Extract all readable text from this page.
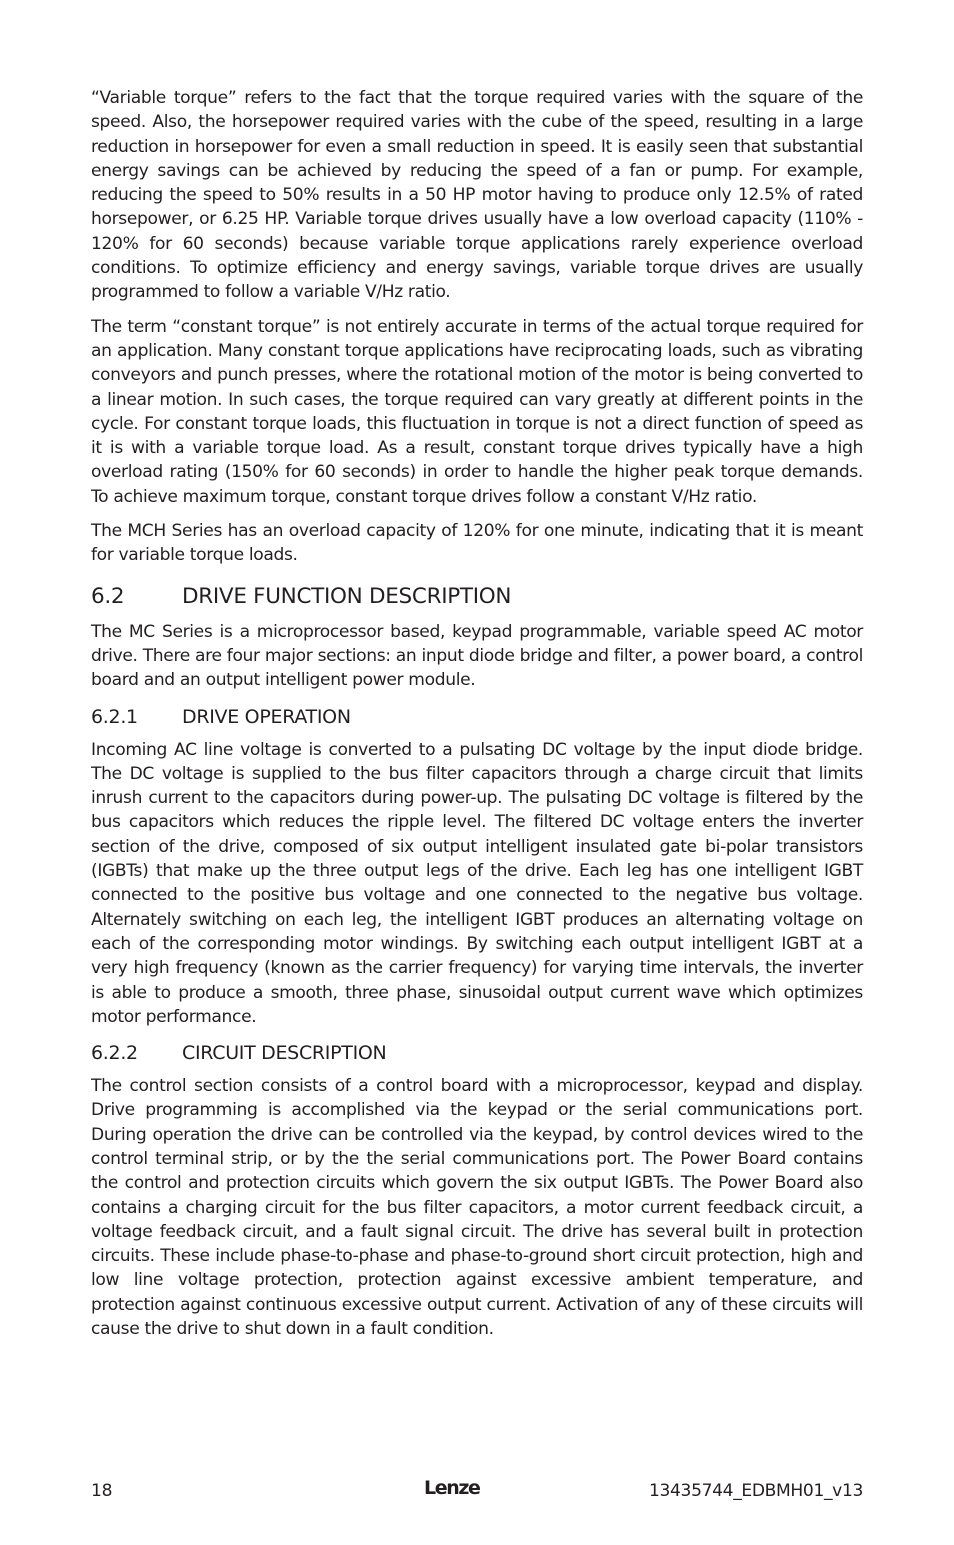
“Variable torque” refers to the fact that the torque required varies with the square of the speed. Also, the horsepower required varies with the cube of the speed, resulting in a large reduction in horsepower for even a small reduction in speed. It is easily seen that substantial energy savings can be achieved by reducing the speed of a fan or pump. For example, reducing the speed to 50% results in a 50 HP motor having to produce only 12.5% of rated horsepower, or 6.25 HP. Variable torque drives usually have a low overload capacity (110% - 120% for 60 seconds) because variable torque applications rarely experience overload conditions. To optimize efficiency and energy savings, variable torque drives are usually programmed to follow a variable V/Hz ratio.

The term “constant torque” is not entirely accurate in terms of the actual torque required for an application. Many constant torque applications have reciprocating loads, such as vibrating conveyors and punch presses, where the rotational motion of the motor is being converted to a linear motion. In such cases, the torque required can vary greatly at different points in the cycle. For constant torque loads, this fluctuation in torque is not a direct function of speed as it is with a variable torque load. As a result, constant torque drives typically have a high overload rating (150% for 60 seconds) in order to handle the higher peak torque demands. To achieve maximum torque, constant torque drives follow a constant V/Hz ratio.

The MCH Series has an overload capacity of 120% for one minute, indicating that it is meant for variable torque loads.

6.2	DRIVE FUNCTION DESCRIPTION

The MC Series is a microprocessor based, keypad programmable, variable speed AC motor drive. There are four major sections: an input diode bridge and filter, a power board, a control board and an output intelligent power module.

6.2.1	DRIVE OPERATION

Incoming AC line voltage is converted to a pulsating DC voltage by the input diode bridge. The DC voltage is supplied to the bus filter capacitors through a charge circuit that limits inrush current to the capacitors during power-up. The pulsating DC voltage is filtered by the bus capacitors which reduces the ripple level. The filtered DC voltage enters the inverter section of the drive, composed of six output intelligent insulated gate bi-polar transistors (IGBTs) that make up the three output legs of the drive. Each leg has one intelligent IGBT connected to the positive bus voltage and one connected to the negative bus voltage. Alternately switching on each leg, the intelligent IGBT produces an alternating voltage on each of the corresponding motor windings. By switching each output intelligent IGBT at a very high frequency (known as the carrier frequency) for varying time intervals, the inverter is able to produce a smooth, three phase, sinusoidal output current wave which optimizes motor performance.

6.2.2	CIRCUIT DESCRIPTION

The control section consists of a control board with a microprocessor, keypad and display. Drive programming is accomplished via the keypad or the serial communications port. During operation the drive can be controlled via the keypad, by control devices wired to the control terminal strip, or by the the serial communications port. The Power Board contains the control and protection circuits which govern the six output IGBTs. The Power Board also contains a charging circuit for the bus filter capacitors, a motor current feedback circuit, a voltage feedback circuit, and a fault signal circuit. The drive has several built in protection circuits. These include phase-to-phase and phase-to-ground short circuit protection, high and low line voltage protection, protection against excessive ambient temperature, and protection against continuous excessive output current. Activation of any of these circuits will cause the drive to shut down in a fault condition.

18	Lenze	13435744_EDBMH01_v13
